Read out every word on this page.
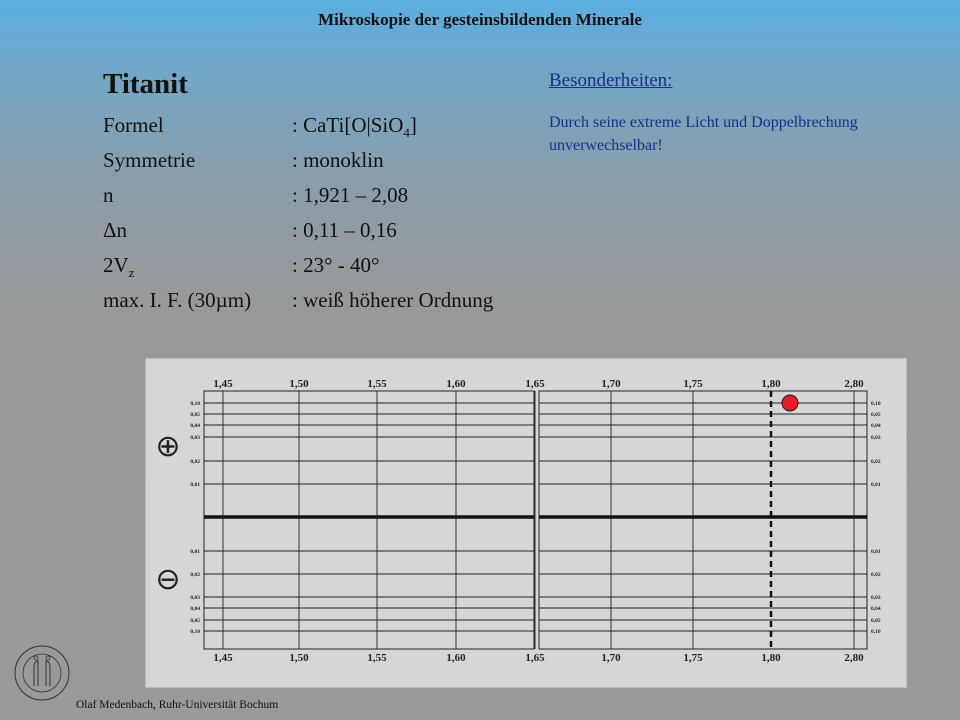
Mikroskopie der gesteinsbildenden Minerale
Titanit
Formel	: CaTi[O|SiO$_4$]
Symmetrie	: monoklin
n	: 1,921 – 2,08
Δn	: 0,11 – 0,16
$2V_z$	: 23° - 40°
max. I. F. (30µm) : weiß höherer Ordnung
Besonderheiten:
Durch seine extreme Licht und Doppelbrechung unverwechselbar!
1,45
1,45
1,50
1,50
1,55
1,55
1,60
1,60
1,65
1,65
1,70
1,70
1,75
1,75
1,80
1,80
2,80
2,80
0,10	0,10
0,05	0,05
0,04	0,04
0,03	0,03
0,02	0,02
0,01	0,01
0,01	0,01
0,02	0,02
0,03	0,03
0,04	0,04
0,05	0,05
0,10	0,10
⊕
⊖
Olaf Medenbach, Ruhr-Universität Bochum
